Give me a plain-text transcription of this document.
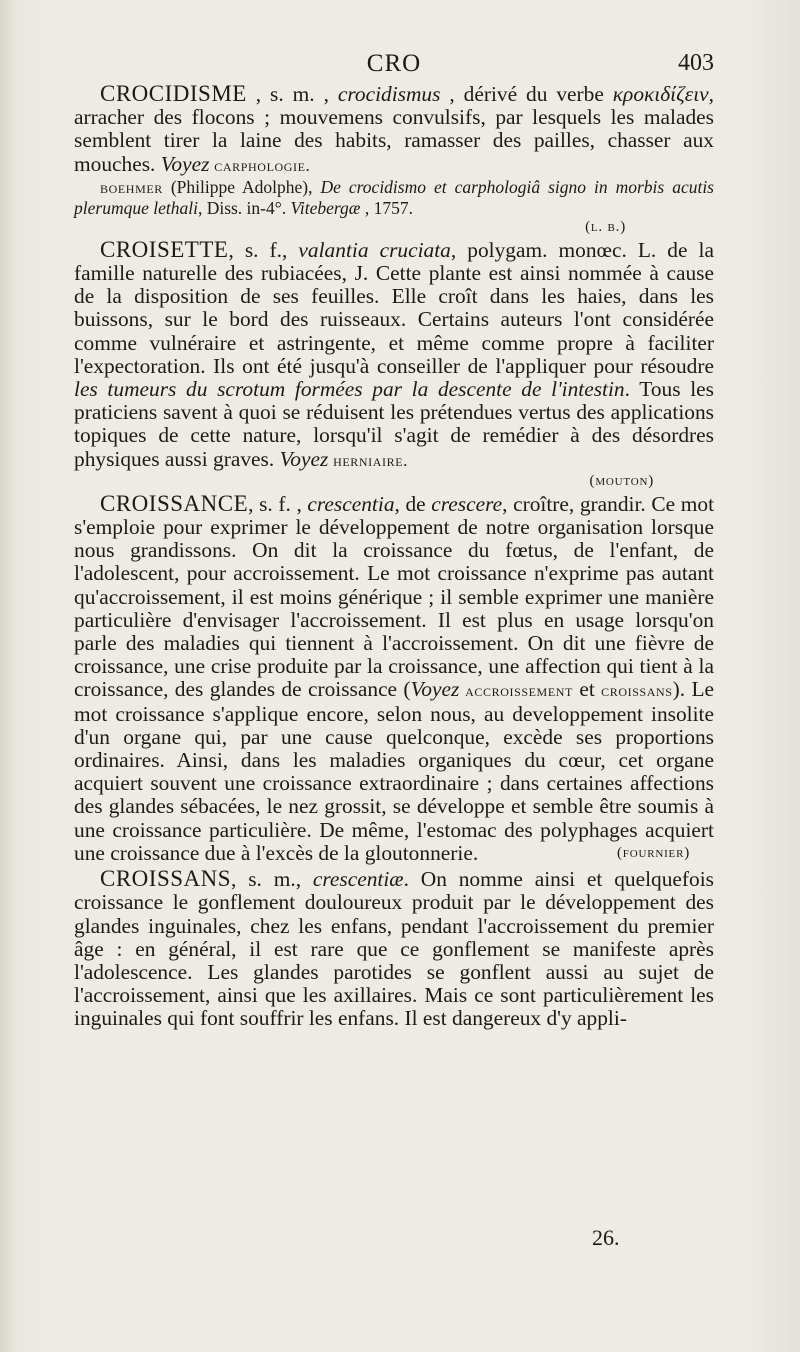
CRO	403

CROCIDISME , s. m. , crocidismus , dérivé du verbe κροκιδίζειν, arracher des flocons ; mouvemens convulsifs, par lesquels les malades semblent tirer la laine des habits, ramasser des pailles, chasser aux mouches. Voyez carphologie.

boehmer (Philippe Adolphe), De crocidismo et carphologiâ signo in morbis acutis plerumque lethali, Diss. in-4°. Vitebergæ , 1757.

(l. b.)

CROISETTE, s. f., valantia cruciata, polygam. monœc. L. de la famille naturelle des rubiacées, J. Cette plante est ainsi nommée à cause de la disposition de ses feuilles. Elle croît dans les haies, dans les buissons, sur le bord des ruisseaux. Certains auteurs l'ont considérée comme vulnéraire et astringente, et même comme propre à faciliter l'expectoration. Ils ont été jusqu'à conseiller de l'appliquer pour résoudre les tumeurs du scrotum formées par la descente de l'intestin. Tous les praticiens savent à quoi se réduisent les prétendues vertus des applications topiques de cette nature, lorsqu'il s'agit de remédier à des désordres physiques aussi graves. Voyez herniaire.

(mouton)

CROISSANCE, s. f. , crescentia, de crescere, croître, grandir. Ce mot s'emploie pour exprimer le développement de notre organisation lorsque nous grandissons. On dit la croissance du fœtus, de l'enfant, de l'adolescent, pour accroissement. Le mot croissance n'exprime pas autant qu'accroissement, il est moins générique ; il semble exprimer une manière particulière d'envisager l'accroissement. Il est plus en usage lorsqu'on parle des maladies qui tiennent à l'accroissement. On dit une fièvre de croissance, une crise produite par la croissance, une affection qui tient à la croissance, des glandes de croissance (Voyez accroissement et croissans). Le mot croissance s'applique encore, selon nous, au developpement insolite d'un organe qui, par une cause quelconque, excède ses proportions ordinaires. Ainsi, dans les maladies organiques du cœur, cet organe acquiert souvent une croissance extraordinaire ; dans certaines affections des glandes sébacées, le nez grossit, se développe et semble être soumis à une croissance particulière. De même, l'estomac des polyphages acquiert une croissance due à l'excès de la gloutonnerie.	(fournier)

CROISSANS, s. m., crescentiæ. On nomme ainsi et quelquefois croissance le gonflement douloureux produit par le développement des glandes inguinales, chez les enfans, pendant l'accroissement du premier âge : en général, il est rare que ce gonflement se manifeste après l'adolescence. Les glandes parotides se gonflent aussi au sujet de l'accroissement, ainsi que les axillaires. Mais ce sont particulièrement les inguinales qui font souffrir les enfans. Il est dangereux d'y appli-

26.
